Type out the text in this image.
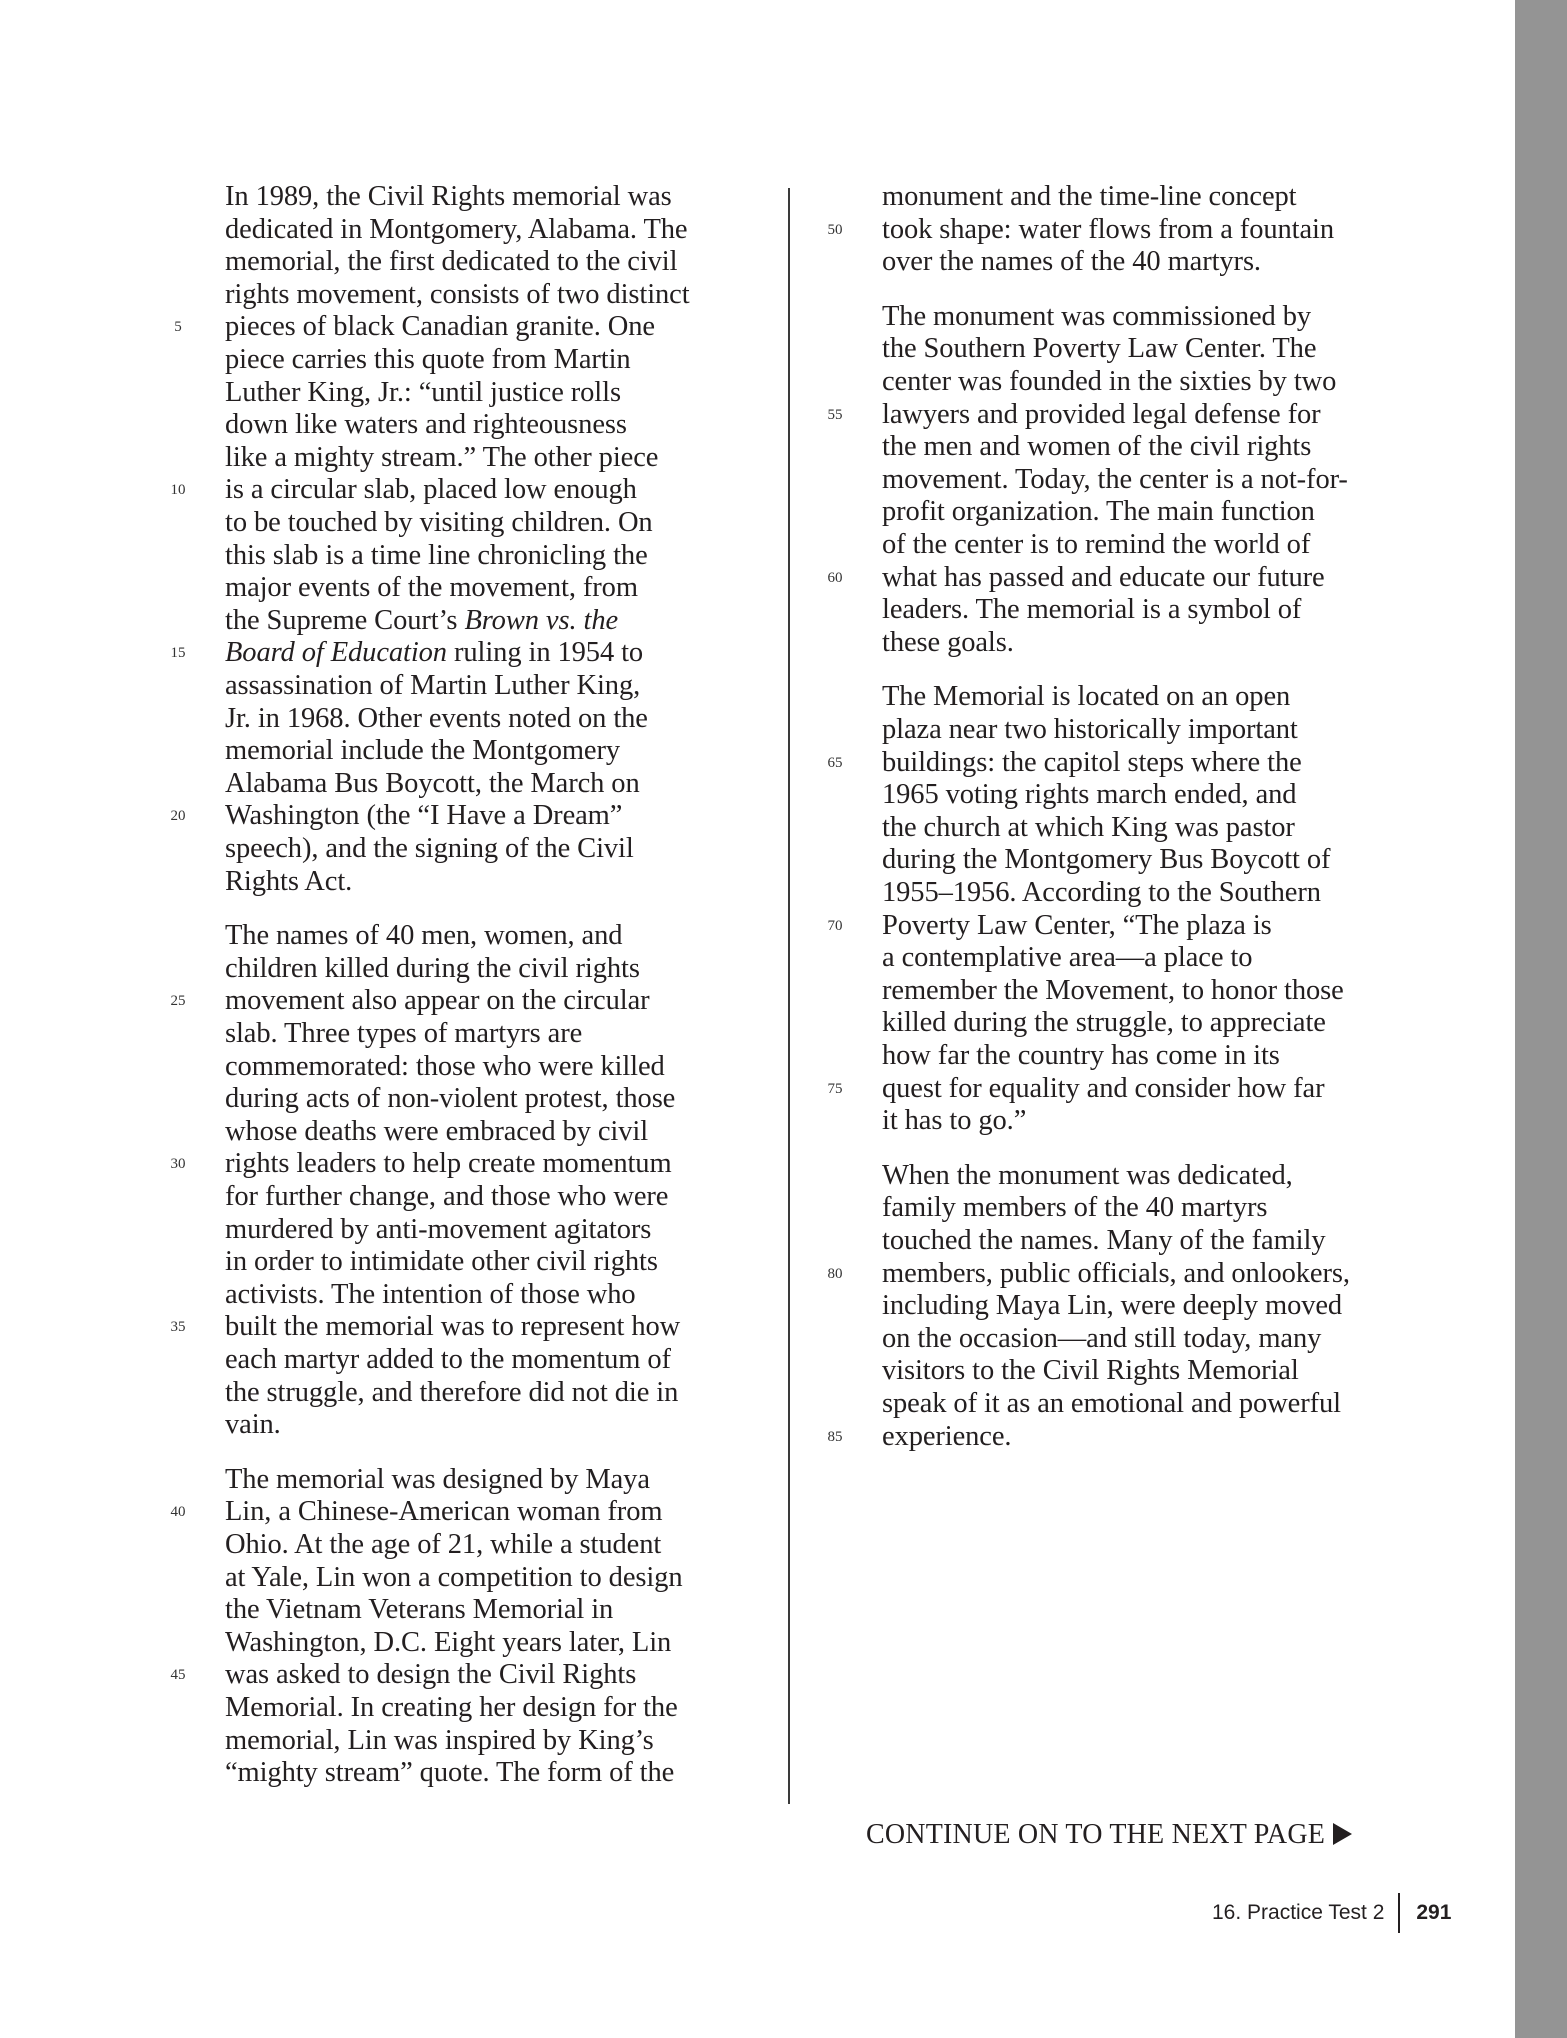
In 1989, the Civil Rights memorial was
dedicated in Montgomery, Alabama. The
memorial, the first dedicated to the civil
rights movement, consists of two distinct
pieces of black Canadian granite. One
5
piece carries this quote from Martin
Luther King, Jr.: “until justice rolls
down like waters and righteousness
like a mighty stream.” The other piece
is a circular slab, placed low enough
10
to be touched by visiting children. On
this slab is a time line chronicling the
major events of the movement, from
the Supreme Court’s Brown vs. the
Board of Education ruling in 1954 to
15
assassination of Martin Luther King,
Jr. in 1968. Other events noted on the
memorial include the Montgomery
Alabama Bus Boycott, the March on
Washington (the “I Have a Dream”
20
speech), and the signing of the Civil
Rights Act.
The names of 40 men, women, and
children killed during the civil rights
movement also appear on the circular
25
slab. Three types of martyrs are
commemorated: those who were killed
during acts of non-violent protest, those
whose deaths were embraced by civil
rights leaders to help create momentum
30
for further change, and those who were
murdered by anti-movement agitators
in order to intimidate other civil rights
activists. The intention of those who
built the memorial was to represent how
35
each martyr added to the momentum of
the struggle, and therefore did not die in
vain.
The memorial was designed by Maya
Lin, a Chinese-American woman from
40
Ohio. At the age of 21, while a student
at Yale, Lin won a competition to design
the Vietnam Veterans Memorial in
Washington, D.C. Eight years later, Lin
was asked to design the Civil Rights
45
Memorial. In creating her design for the
memorial, Lin was inspired by King’s
“mighty stream” quote. The form of the
monument and the time-line concept
took shape: water flows from a fountain
50
over the names of the 40 martyrs.
The monument was commissioned by
the Southern Poverty Law Center. The
center was founded in the sixties by two
lawyers and provided legal defense for
55
the men and women of the civil rights
movement. Today, the center is a not-for-
profit organization. The main function
of the center is to remind the world of
what has passed and educate our future
60
leaders. The memorial is a symbol of
these goals.
The Memorial is located on an open
plaza near two historically important
buildings: the capitol steps where the
65
1965 voting rights march ended, and
the church at which King was pastor
during the Montgomery Bus Boycott of
1955–1956. According to the Southern
Poverty Law Center, “The plaza is
70
a contemplative area—a place to
remember the Movement, to honor those
killed during the struggle, to appreciate
how far the country has come in its
quest for equality and consider how far
75
it has to go.”
When the monument was dedicated,
family members of the 40 martyrs
touched the names. Many of the family
members, public officials, and onlookers,
80
including Maya Lin, were deeply moved
on the occasion—and still today, many
visitors to the Civil Rights Memorial
speak of it as an emotional and powerful
experience.
85
CONTINUE ON TO THE NEXT PAGE
16. Practice Test 2 291
